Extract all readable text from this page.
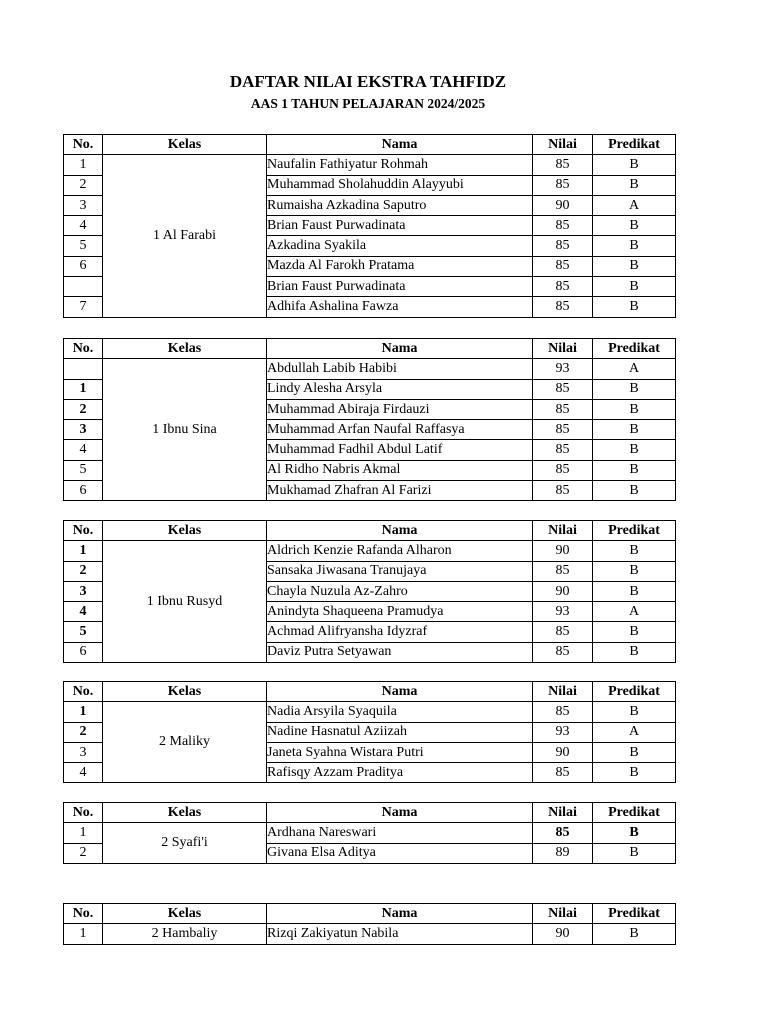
DAFTAR NILAI EKSTRA TAHFIDZ
AAS 1 TAHUN PELAJARAN 2024/2025
No.	Kelas	Nama	Nilai	Predikat
1	1 Al Farabi	Naufalin Fathiyatur Rohmah	85	B
2		Muhammad Sholahuddin Alayyubi	85	B
3		Rumaisha Azkadina Saputro	90	A
4		Brian Faust Purwadinata	85	B
5		Azkadina Syakila	85	B
6		Mazda Al Farokh Pratama	85	B
		Brian Faust Purwadinata	85	B
7		Adhifa Ashalina Fawza	85	B
No.	Kelas	Nama	Nilai	Predikat
	1 Ibnu Sina	Abdullah Labib Habibi	93	A
1		Lindy Alesha Arsyla	85	B
2		Muhammad Abiraja Firdauzi	85	B
3		Muhammad Arfan Naufal Raffasya	85	B
4		Muhammad Fadhil Abdul Latif	85	B
5		Al Ridho Nabris Akmal	85	B
6		Mukhamad Zhafran Al Farizi	85	B
No.	Kelas	Nama	Nilai	Predikat
1	1 Ibnu Rusyd	Aldrich Kenzie Rafanda Alharon	90	B
2		Sansaka Jiwasana Tranujaya	85	B
3		Chayla Nuzula Az-Zahro	90	B
4		Anindyta Shaqueena Pramudya	93	A
5		Achmad Alifryansha Idyzraf	85	B
6		Daviz Putra Setyawan	85	B
No.	Kelas	Nama	Nilai	Predikat
1	2 Maliky	Nadia Arsyila Syaquila	85	B
2		Nadine Hasnatul Aziizah	93	A
3		Janeta Syahna Wistara Putri	90	B
4		Rafisqy Azzam Praditya	85	B
No.	Kelas	Nama	Nilai	Predikat
1	2 Syafi'i	Ardhana Nareswari	85	B
2		Givana Elsa Aditya	89	B
No.	Kelas	Nama	Nilai	Predikat
1	2 Hambaliy	Rizqi Zakiyatun Nabila	90	B
